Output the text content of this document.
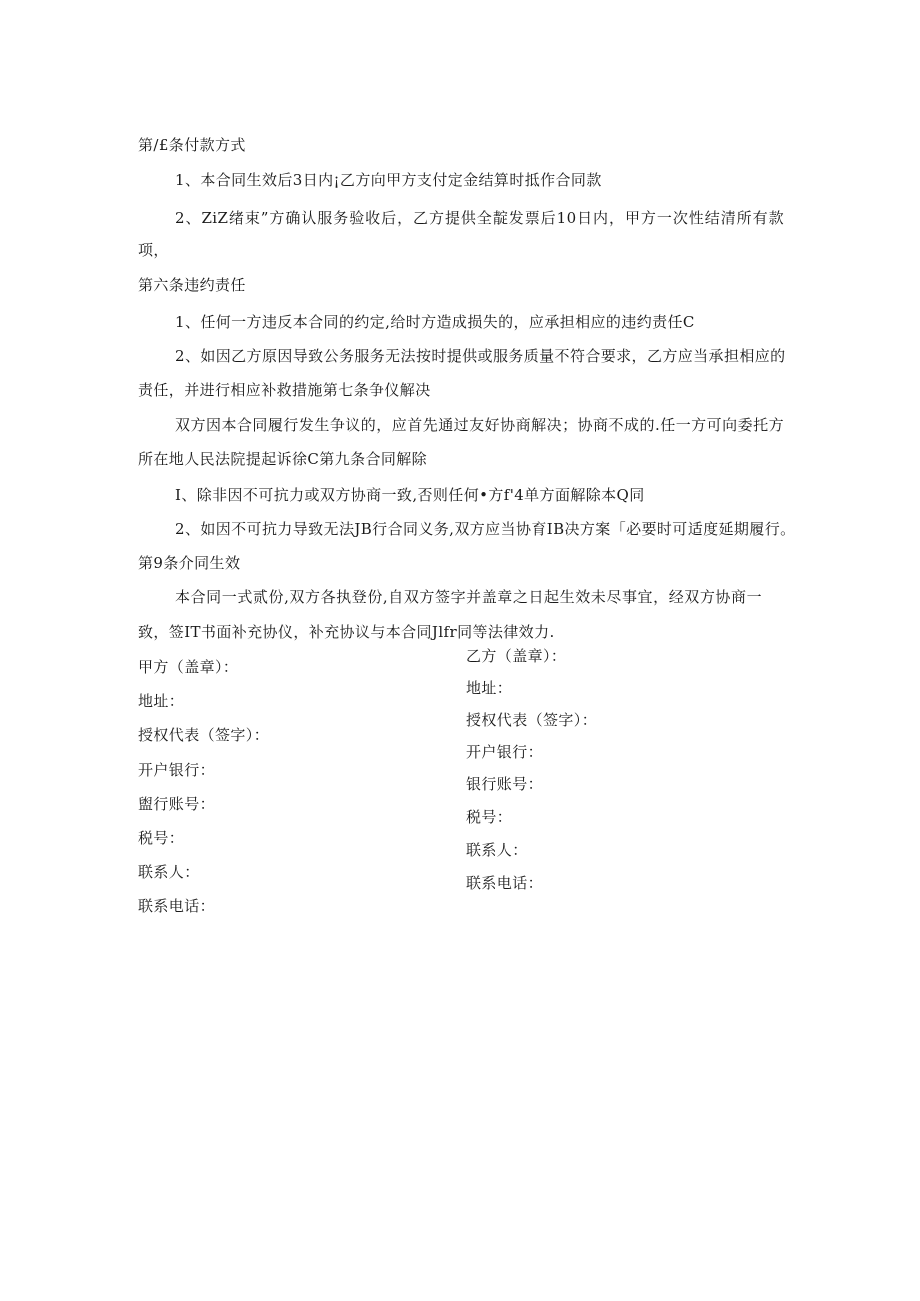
第/£条付款方式
1、本合同生效后3日内¡乙方向甲方支付定金结算时抵作合同款
2、ZiZ绪束”方确认服务验收后，乙方提供全靛发票后10日内，甲方一次性结清所有款
项，
第六条违约责任
1、任何一方违反本合同的约定,给时方造成损失的，应承担相应的违约责任C
2、如因乙方原因导致公务服务无法按时提供或服务质量不符合要求，乙方应当承担相应的
责任，并进行相应补救措施第七条争仪解决
双方因本合同履行发生争议的，应首先通过友好协商解决；协商不成的.任一方可向委托方
所在地人民法院提起诉徐C第九条合同解除
I、除非因不可抗力或双方协商一致,否则任何•方f'4单方面解除本Q同
2、如因不可抗力导致无法JB行合同义务,双方应当协育IB决方案「必要时可适度延期履行。
第9条介同生效
本合同一式贰份,双方各执登份,自双方签字并盖章之日起生效未尽事宜，经双方协商一
致，签IT书面补充协仪，补充协议与本合同Jlfr同等法律效力.
甲方（盖章）：
地址：
授权代表（签字）：
开户银行：
盥行账号：
税号：
联系人：
联系电话：
乙方（盖章）：
地址：
授权代表（签字）：
开户银行：
银行账号：
税号：
联系人：
联系电话：
